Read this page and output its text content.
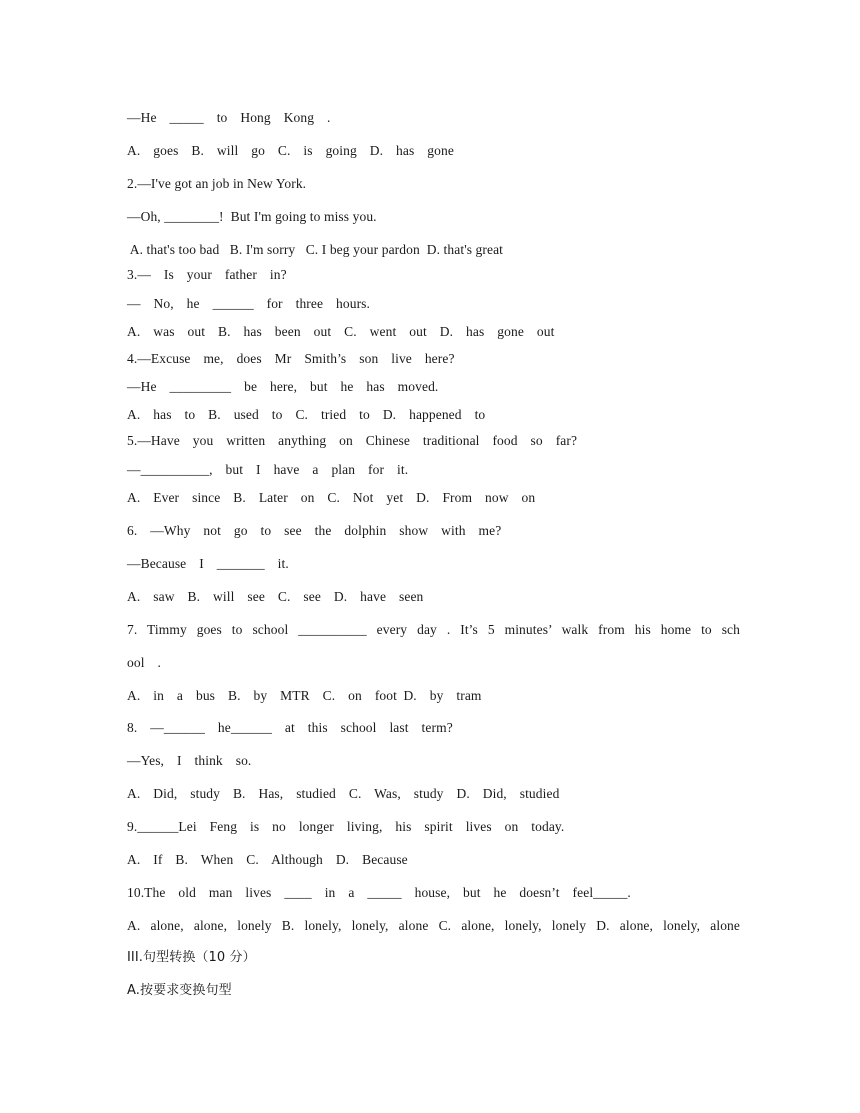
—He  _____  to  Hong  Kong  .
A.  goes  B.  will  go  C.  is  going  D.  has  gone
2.—I've got an job in New York.
—Oh, ________!  But I'm going to miss you.
A. that's too bad   B. I'm sorry   C. I beg your pardon  D. that's great
3.—  Is  your  father  in?
—  No,  he  ______  for  three  hours.
A.  was  out  B.  has  been  out  C.  went  out  D.  has  gone  out
4.—Excuse  me,  does  Mr  Smith’s  son  live  here?
—He  _________  be  here,  but  he  has  moved.
A.  has  to  B.  used  to  C.  tried  to  D.  happened  to
5.—Have  you  written  anything  on  Chinese  traditional  food  so  far?
—__________,  but  I  have  a  plan  for  it.
A.  Ever  since  B.  Later  on  C.  Not  yet  D.  From  now  on
6.  —Why  not  go  to  see  the  dolphin  show  with  me?
—Because  I  _______  it.
A.  saw  B.  will  see  C.  see  D.  have  seen
7. Timmy goes to school __________ every day . It’s 5 minutes’ walk from his home to sch
ool  .
A.  in  a  bus  B.  by  MTR  C.  on  foot D.  by  tram
8.  —______  he______  at  this  school  last  term?
—Yes,  I  think  so.
A.  Did,  study  B.  Has,  studied  C.  Was,  study  D.  Did,  studied
9.______Lei  Feng  is  no  longer  living,  his  spirit  lives  on  today.
A.  If  B.  When  C.  Although  D.  Because
10.The  old  man  lives  ____  in  a  _____  house,  but  he  doesn’t  feel_____.
A. alone, alone, lonely B. lonely, lonely, alone C. alone, lonely, lonely D. alone, lonely, alone
III.句型转换（10 分）
A.按要求变换句型
